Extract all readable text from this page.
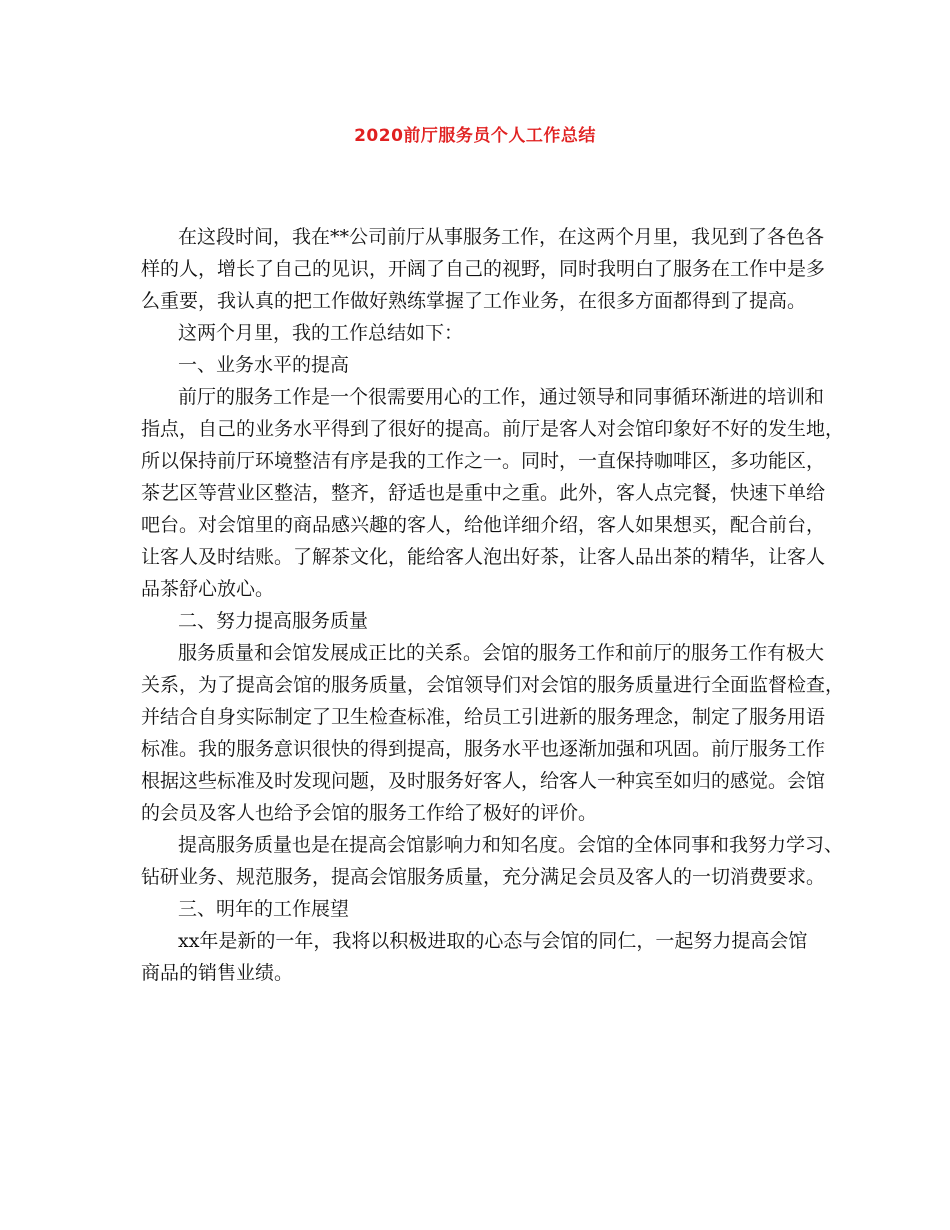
2020前厅服务员个人工作总结
在这段时间，我在**公司前厅从事服务工作，在这两个月里，我见到了各色各
样的人，增长了自己的见识，开阔了自己的视野，同时我明白了服务在工作中是多
么重要，我认真的把工作做好熟练掌握了工作业务，在很多方面都得到了提高。
这两个月里，我的工作总结如下：
一、业务水平的提高
前厅的服务工作是一个很需要用心的工作，通过领导和同事循环渐进的培训和
指点，自己的业务水平得到了很好的提高。前厅是客人对会馆印象好不好的发生地，
所以保持前厅环境整洁有序是我的工作之一。同时，一直保持咖啡区，多功能区，
茶艺区等营业区整洁，整齐，舒适也是重中之重。此外，客人点完餐，快速下单给
吧台。对会馆里的商品感兴趣的客人，给他详细介绍，客人如果想买，配合前台，
让客人及时结账。了解茶文化，能给客人泡出好茶，让客人品出茶的精华，让客人
品茶舒心放心。
二、努力提高服务质量
服务质量和会馆发展成正比的关系。会馆的服务工作和前厅的服务工作有极大
关系，为了提高会馆的服务质量，会馆领导们对会馆的服务质量进行全面监督检查，
并结合自身实际制定了卫生检查标准，给员工引进新的服务理念，制定了服务用语
标准。我的服务意识很快的得到提高，服务水平也逐渐加强和巩固。前厅服务工作
根据这些标准及时发现问题，及时服务好客人，给客人一种宾至如归的感觉。会馆
的会员及客人也给予会馆的服务工作给了极好的评价。
提高服务质量也是在提高会馆影响力和知名度。会馆的全体同事和我努力学习、
钻研业务、规范服务，提高会馆服务质量，充分满足会员及客人的一切消费要求。
三、明年的工作展望
xx年是新的一年，我将以积极进取的心态与会馆的同仁，一起努力提高会馆
商品的销售业绩。
